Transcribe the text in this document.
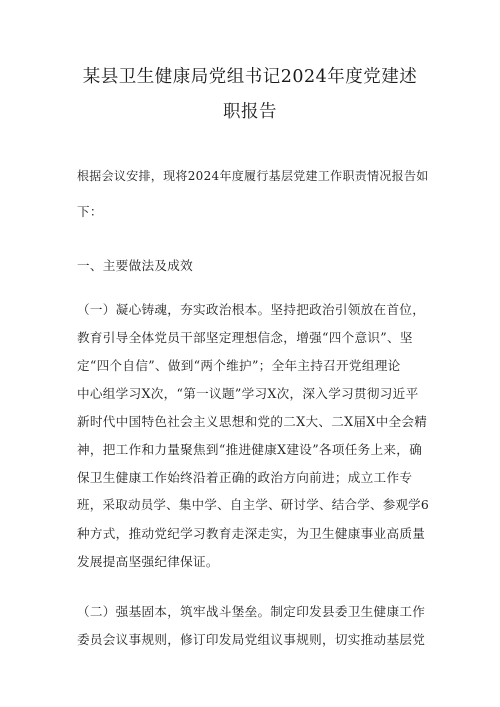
某县卫生健康局党组书记2024年度党建述
职报告
根据会议安排，现将2024年度履行基层党建工作职责情况报告如
下：
一、主要做法及成效
（一）凝心铸魂，夯实政治根本。坚持把政治引领放在首位，
教育引导全体党员干部坚定理想信念，增强“四个意识”、坚
定“四个自信”、做到“两个维护”；全年主持召开党组理论
中心组学习X次，“第一议题”学习X次，深入学习贯彻习近平
新时代中国特色社会主义思想和党的二X大、二X届X中全会精
神，把工作和力量聚焦到“推进健康X建设”各项任务上来，确
保卫生健康工作始终沿着正确的政治方向前进；成立工作专
班，采取动员学、集中学、自主学、研讨学、结合学、参观学6
种方式，推动党纪学习教育走深走实，为卫生健康事业高质量
发展提高坚强纪律保证。
（二）强基固本，筑牢战斗堡垒。制定印发县委卫生健康工作
委员会议事规则，修订印发局党组议事规则，切实推动基层党
